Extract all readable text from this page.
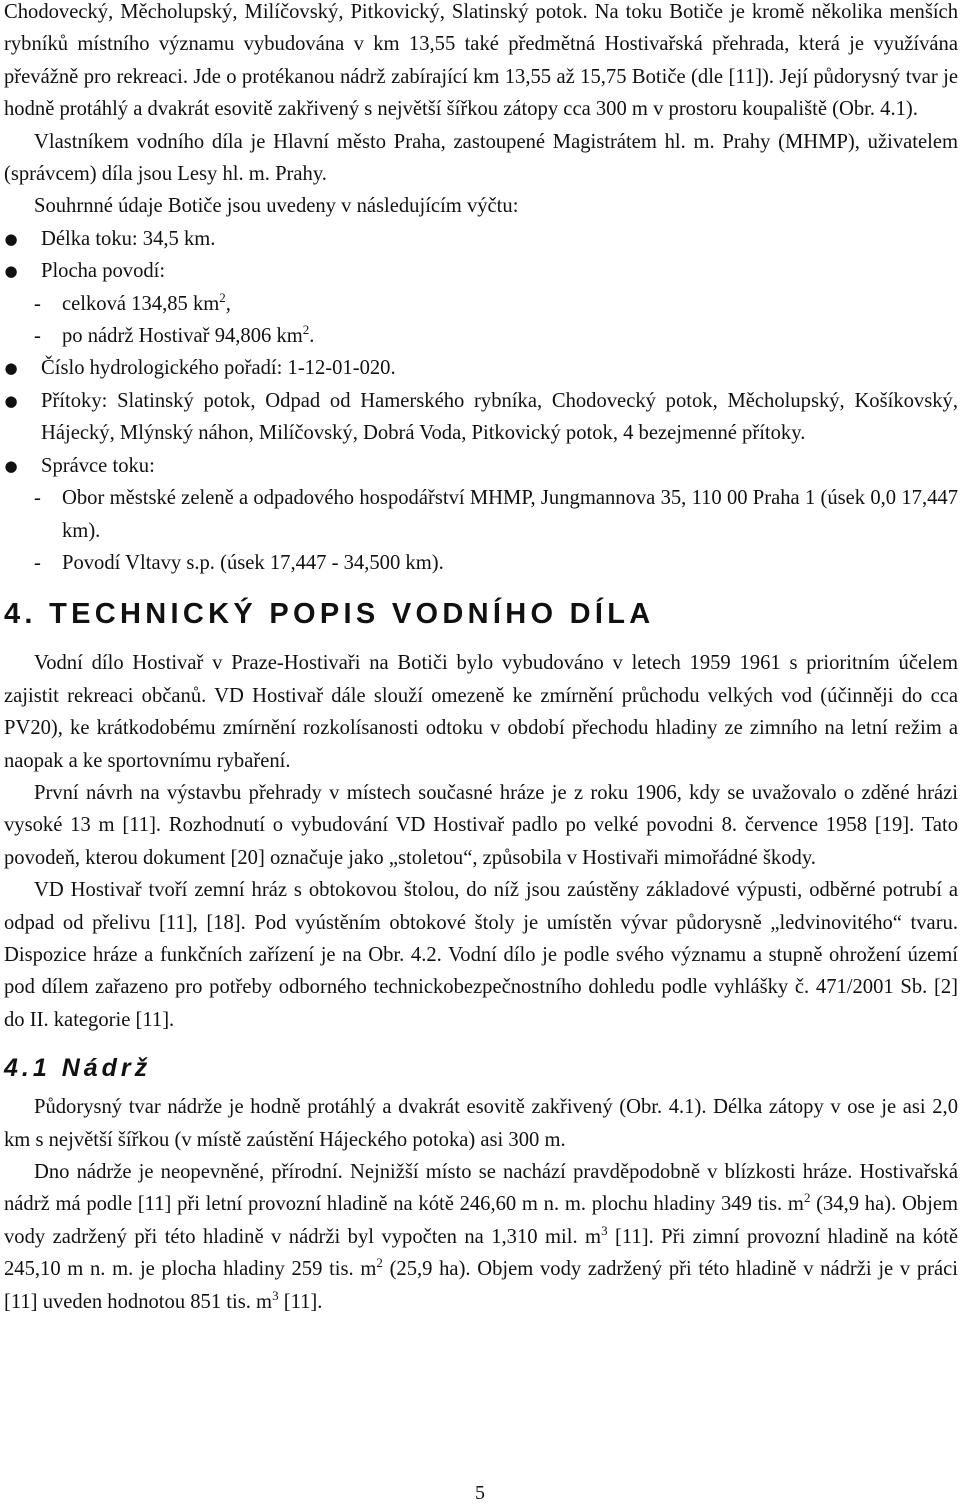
Chodovecký, Měcholupský, Milíčovský, Pitkovický, Slatinský potok. Na toku Botiče je kromě několika menších rybníků místního významu vybudována v km 13,55 také předmětná Hostivařská přehrada, která je využívána převážně pro rekreaci. Jde o protékanou nádrž zabírající km 13,55 až 15,75 Botiče (dle [11]). Její půdorysný tvar je hodně protáhlý a dvakrát esovitě zakřivený s největší šířkou zátopy cca 300 m v prostoru koupaliště (Obr. 4.1).

Vlastníkem vodního díla je Hlavní město Praha, zastoupené Magistrátem hl. m. Prahy (MHMP), uživatelem (správcem) díla jsou Lesy hl. m. Prahy.

Souhrnné údaje Botiče jsou uvedeny v následujícím výčtu:

● Délka toku: 34,5 km.
● Plocha povodí:
- celková 134,85 $km^2$,
- po nádrž Hostivař 94,806 $km^2$.
● Číslo hydrologického pořadí: 1-12-01-020.
● Přítoky: Slatinský potok, Odpad od Hamerského rybníka, Chodovecký potok, Měcholupský, Košíkovský, Hájecký, Mlýnský náhon, Milíčovský, Dobrá Voda, Pitkovický potok, 4 bezejmenné přítoky.
● Správce toku:
- Obor městské zeleně a odpadového hospodářství MHMP, Jungmannova 35, 110 00 Praha 1 (úsek 0,0 17,447 km).
- Povodí Vltavy s.p. (úsek 17,447 - 34,500 km).
4. TECHNICKÝ POPIS VODNÍHO DÍLA

Vodní dílo Hostivař v Praze-Hostivaři na Botiči bylo vybudováno v letech 1959 1961 s prioritním účelem zajistit rekreaci občanů. VD Hostivař dále slouží omezeně ke zmírnění průchodu velkých vod (účinněji do cca PV20), ke krátkodobému zmírnění rozkolísanosti odtoku v období přechodu hladiny ze zimního na letní režim a naopak a ke sportovnímu rybaření.

První návrh na výstavbu přehrady v místech současné hráze je z roku 1906, kdy se uvažovalo o zděné hrázi vysoké 13 m [11]. Rozhodnutí o vybudování VD Hostivař padlo po velké povodni 8. července 1958 [19]. Tato povodeň, kterou dokument [20] označuje jako „stoletou“, způsobila v Hostivaři mimořádné škody.

VD Hostivař tvoří zemní hráz s obtokovou štolou, do níž jsou zaústěny základové výpusti, odběrné potrubí a odpad od přelivu [11], [18]. Pod vyústěním obtokové štoly je umístěn vývar půdorysně „ledvinovitého“ tvaru. Dispozice hráze a funkčních zařízení je na Obr. 4.2. Vodní dílo je podle svého významu a stupně ohrožení území pod dílem zařazeno pro potřeby odborného technickobezpečnostního dohledu podle vyhlášky č. 471/2001 Sb. [2] do II. kategorie [11].

4.1 Nádrž

Půdorysný tvar nádrže je hodně protáhlý a dvakrát esovitě zakřivený (Obr. 4.1). Délka zátopy v ose je asi 2,0 km s největší šířkou (v místě zaústění Hájeckého potoka) asi 300 m.

Dno nádrže je neopevněné, přírodní. Nejnižší místo se nachází pravděpodobně v blízkosti hráze. Hostivařská nádrž má podle [11] při letní provozní hladině na kótě 246,60 m n. m. plochu hladiny 349 tis. $m^2$ (34,9 ha). Objem vody zadržený při této hladině v nádrži byl vypočten na 1,310 mil. $m^3$ [11]. Při zimní provozní hladině na kótě 245,10 m n. m. je plocha hladiny 259 tis. $m^2$ (25,9 ha). Objem vody zadržený při této hladině v nádrži je v práci [11] uveden hodnotou 851 tis. $m^3$ [11].

5
